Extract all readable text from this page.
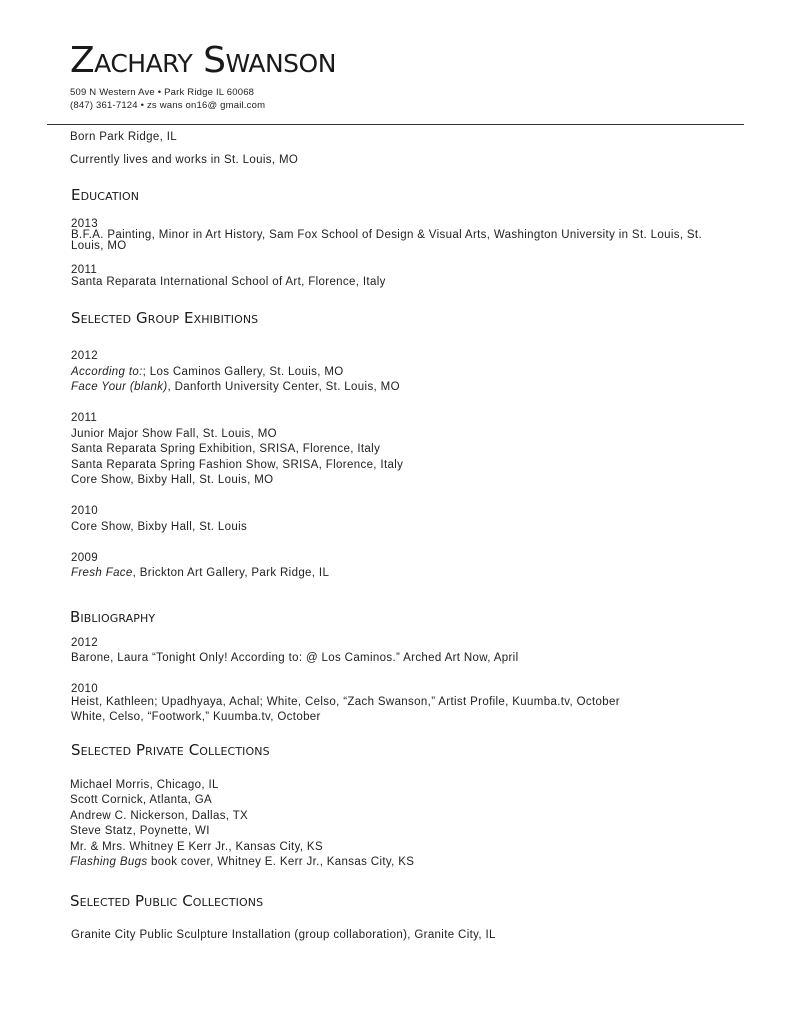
Zachary Swanson
509 N Western Ave • Park Ridge IL 60068
(847) 361-7124 • zs wans on16@ gmail.com
Born Park Ridge, IL
Currently lives and works in St. Louis, MO
Education
2013
B.F.A. Painting, Minor in Art History, Sam Fox School of Design & Visual Arts, Washington University in St. Louis, St. Louis, MO
2011
Santa Reparata International School of Art, Florence, Italy
Selected Group Exhibitions
2012
According to:; Los Caminos Gallery, St. Louis, MO
Face Your (blank), Danforth University Center, St. Louis, MO
2011
Junior Major Show Fall, St. Louis, MO
Santa Reparata Spring Exhibition, SRISA, Florence, Italy
Santa Reparata Spring Fashion Show, SRISA, Florence, Italy
Core Show, Bixby Hall, St. Louis, MO
2010
Core Show, Bixby Hall, St. Louis
2009
Fresh Face, Brickton Art Gallery, Park Ridge, IL
Bibliography
2012
Barone, Laura “Tonight Only! According to: @ Los Caminos.” Arched Art Now, April
2010
Heist, Kathleen; Upadhyaya, Achal; White, Celso, “Zach Swanson,” Artist Profile, Kuumba.tv, October
White, Celso, “Footwork,” Kuumba.tv, October
Selected Private Collections
Michael Morris, Chicago, IL
Scott Cornick, Atlanta, GA
Andrew C. Nickerson, Dallas, TX
Steve Statz, Poynette, WI
Mr. & Mrs. Whitney E Kerr Jr., Kansas City, KS
Flashing Bugs book cover, Whitney E. Kerr Jr., Kansas City, KS
Selected Public Collections
Granite City Public Sculpture Installation (group collaboration), Granite City, IL
